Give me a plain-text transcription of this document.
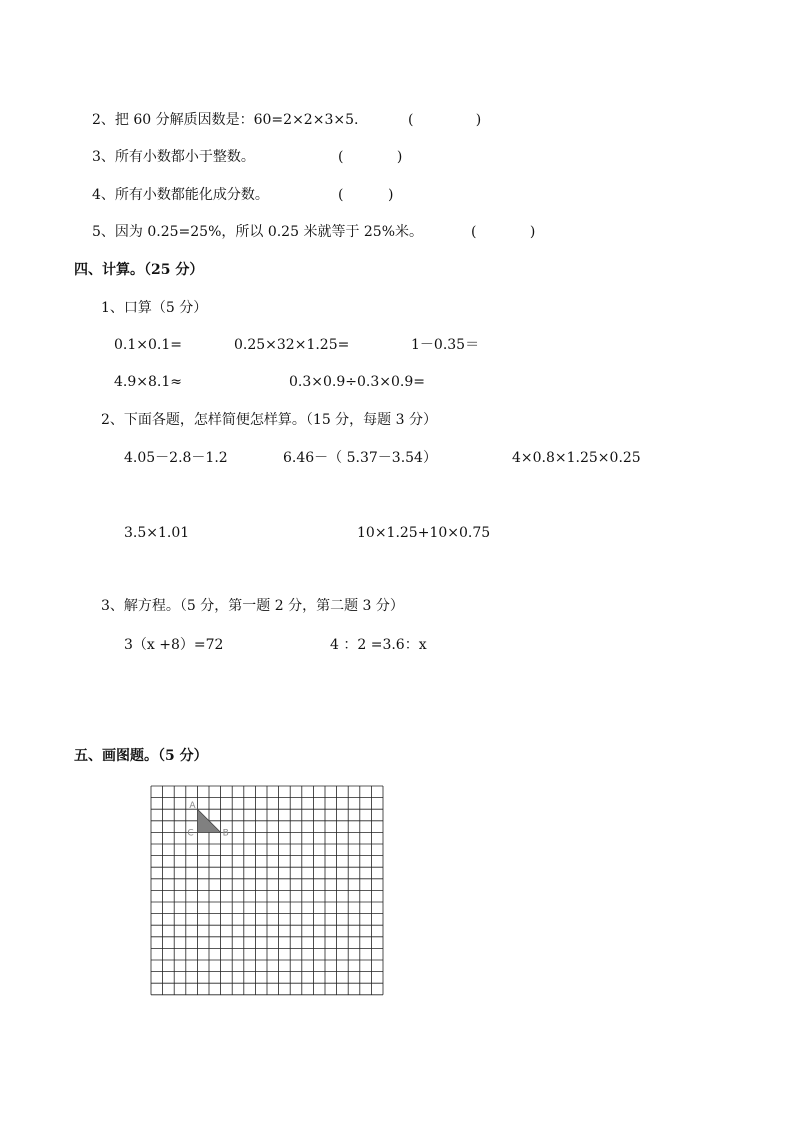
2、把 60 分解质因数是：60=2×2×3×5.	(              )
3、所有小数都小于整数。	(            )
4、所有小数都能化成分数。	(          )
5、因为 0.25=25%，所以 0.25 米就等于 25%米。	(            )
四、计算。（25 分）
1、口算（5 分）
0.1×0.1=	0.25×32×1.25=	1－0.35＝
4.9×8.1≈	0.3×0.9÷0.3×0.9=
2、下面各题，怎样简便怎样算。（15 分，每题 3 分）
4.05－2.8－1.2	6.46－（ 5.37－3.54）	4×0.8×1.25×0.25
3.5×1.01	10×1.25+10×0.75
3、解方程。（5 分，第一题 2 分，第二题 3 分）
3（x +8）=72	4 ：2 =3.6：x
五、画图题。（5 分）
A
C	B
